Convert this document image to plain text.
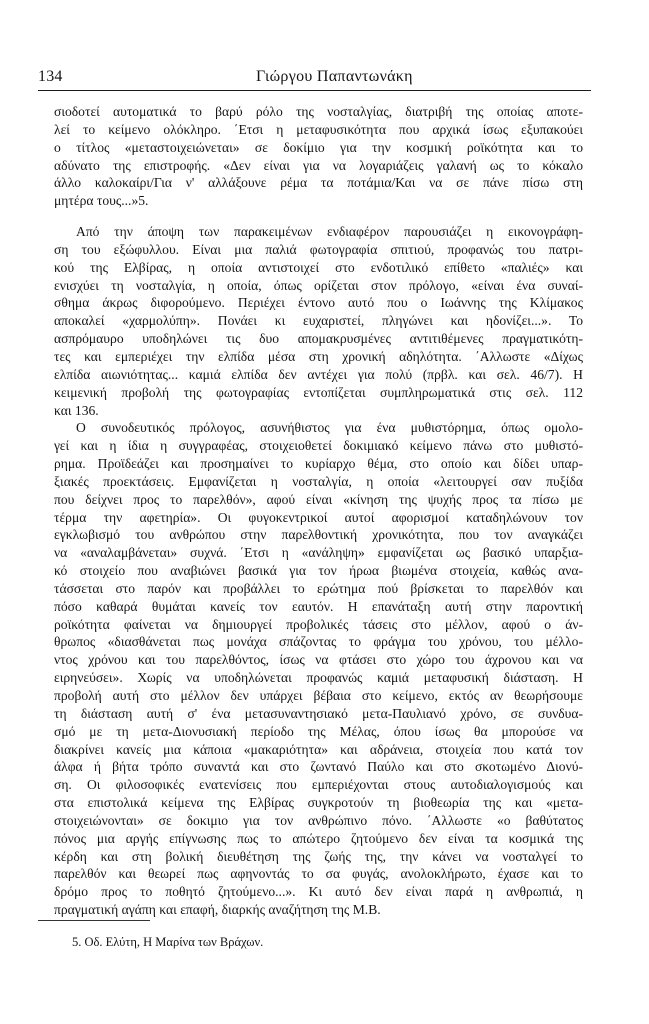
134	Γιώργου Παπαντωνάκη

σιοδοτεί αυτοματικά το βαρύ ρόλο της νοσταλγίας, διατριβή της οποίας αποτε-
λεί το κείμενο ολόκληρο. ΄Ετσι η μεταφυσικότητα που αρχικά ίσως εξυπακούει
ο τίτλος «μεταστοιχειώνεται» σε δοκίμιο για την κοσμική ροϊκότητα και το
αδύνατο της επιστροφής. «Δεν είναι για να λογαριάζεις γαλανή ως το κόκαλο
άλλο καλοκαίρι/Για ν' αλλάξουνε ρέμα τα ποτάμια/Και να σε πάνε πίσω στη
μητέρα τους...»5.

Από την άποψη των παρακειμένων ενδιαφέρον παρουσιάζει η εικονογράφη-
ση του εξώφυλλου. Είναι μια παλιά φωτογραφία σπιτιού, προφανώς του πατρι-
κού της Ελβίρας, η οποία αντιστοιχεί στο ενδοτιλικό επίθετο «παλιές» και
ενισχύει τη νοσταλγία, η οποία, όπως ορίζεται στον πρόλογο, «είναι ένα συναί-
σθημα άκρως διφορούμενο. Περιέχει έντονο αυτό που ο Ιωάννης της Κλίμακος
αποκαλεί «χαρμολύπη». Πονάει κι ευχαριστεί, πληγώνει και ηδονίζει...». Το
ασπρόμαυρο υποδηλώνει τις δυο απομακρυσμένες αντιτιθέμενες πραγματικότη-
τες και εμπεριέχει την ελπίδα μέσα στη χρονική αδηλότητα. ΄Αλλωστε «Δίχως
ελπίδα αιωνιότητας... καμιά ελπίδα δεν αντέχει για πολύ (πρβλ. και σελ. 46/7). Η
κειμενική προβολή της φωτογραφίας εντοπίζεται συμπληρωματικά στις σελ. 112
και 136.

Ο συνοδευτικός πρόλογος, ασυνήθιστος για ένα μυθιστόρημα, όπως ομολο-
γεί και η ίδια η συγγραφέας, στοιχειοθετεί δοκιμιακό κείμενο πάνω στο μυθιστό-
ρημα. Προϊδεάζει και προσημαίνει το κυρίαρχο θέμα, στο οποίο και δίδει υπαρ-
ξιακές προεκτάσεις. Εμφανίζεται η νοσταλγία, η οποία «λειτουργεί σαν πυξίδα
που δείχνει προς το παρελθόν», αφού είναι «κίνηση της ψυχής προς τα πίσω με
τέρμα την αφετηρία». Οι φυγοκεντρικοί αυτοί αφορισμοί καταδηλώνουν τον
εγκλωβισμό του ανθρώπου στην παρελθοντική χρονικότητα, που τον αναγκάζει
να «αναλαμβάνεται» συχνά. ΄Ετσι η «ανάληψη» εμφανίζεται ως βασικό υπαρξια-
κό στοιχείο που αναβιώνει βασικά για τον ήρωα βιωμένα στοιχεία, καθώς ανα-
τάσσεται στο παρόν και προβάλλει το ερώτημα πού βρίσκεται το παρελθόν και
πόσο καθαρά θυμάται κανείς τον εαυτόν. Η επανάταξη αυτή στην παροντική
ροϊκότητα φαίνεται να δημιουργεί προβολικές τάσεις στο μέλλον, αφού ο άν-
θρωπος «διασθάνεται πως μονάχα σπάζοντας το φράγμα του χρόνου, του μέλλο-
ντος χρόνου και του παρελθόντος, ίσως να φτάσει στο χώρο του άχρονου και να
ειρηνεύσει». Χωρίς να υποδηλώνεται προφανώς καμιά μεταφυσική διάσταση. Η
προβολή αυτή στο μέλλον δεν υπάρχει βέβαια στο κείμενο, εκτός αν θεωρήσουμε
τη διάσταση αυτή σ' ένα μετασυναντησιακό μετα-Παυλιανό χρόνο, σε συνδυα-
σμό με τη μετα-Διονυσιακή περίοδο της Μέλας, όπου ίσως θα μπορούσε να
διακρίνει κανείς μια κάποια «μακαριότητα» και αδράνεια, στοιχεία που κατά τον
άλφα ή βήτα τρόπο συναντά και στο ζωντανό Παύλο και στο σκοτωμένο Διονύ-
ση. Οι φιλοσοφικές ενατενίσεις που εμπεριέχονται στους αυτοδιαλογισμούς και
στα επιστολικά κείμενα της Ελβίρας συγκροτούν τη βιοθεωρία της και «μετα-
στοιχειώνονται» σε δοκιμιο για τον ανθρώπινο πόνο. ΄Αλλωστε «ο βαθύτατος
πόνος μια αργής επίγνωσης πως το απώτερο ζητούμενο δεν είναι τα κοσμικά της
κέρδη και στη βολική διευθέτηση της ζωής της, την κάνει να νοσταλγεί το
παρελθόν και θεωρεί πως αφηνοντάς το σα φυγάς, ανολοκλήρωτο, έχασε και το
δρόμο προς το ποθητό ζητούμενο...». Κι αυτό δεν είναι παρά η ανθρωπιά, η
πραγματική αγάπη και επαφή, διαρκής αναζήτηση της Μ.Β.

5. Οδ. Ελύτη, Η Μαρίνα των Βράχων.
